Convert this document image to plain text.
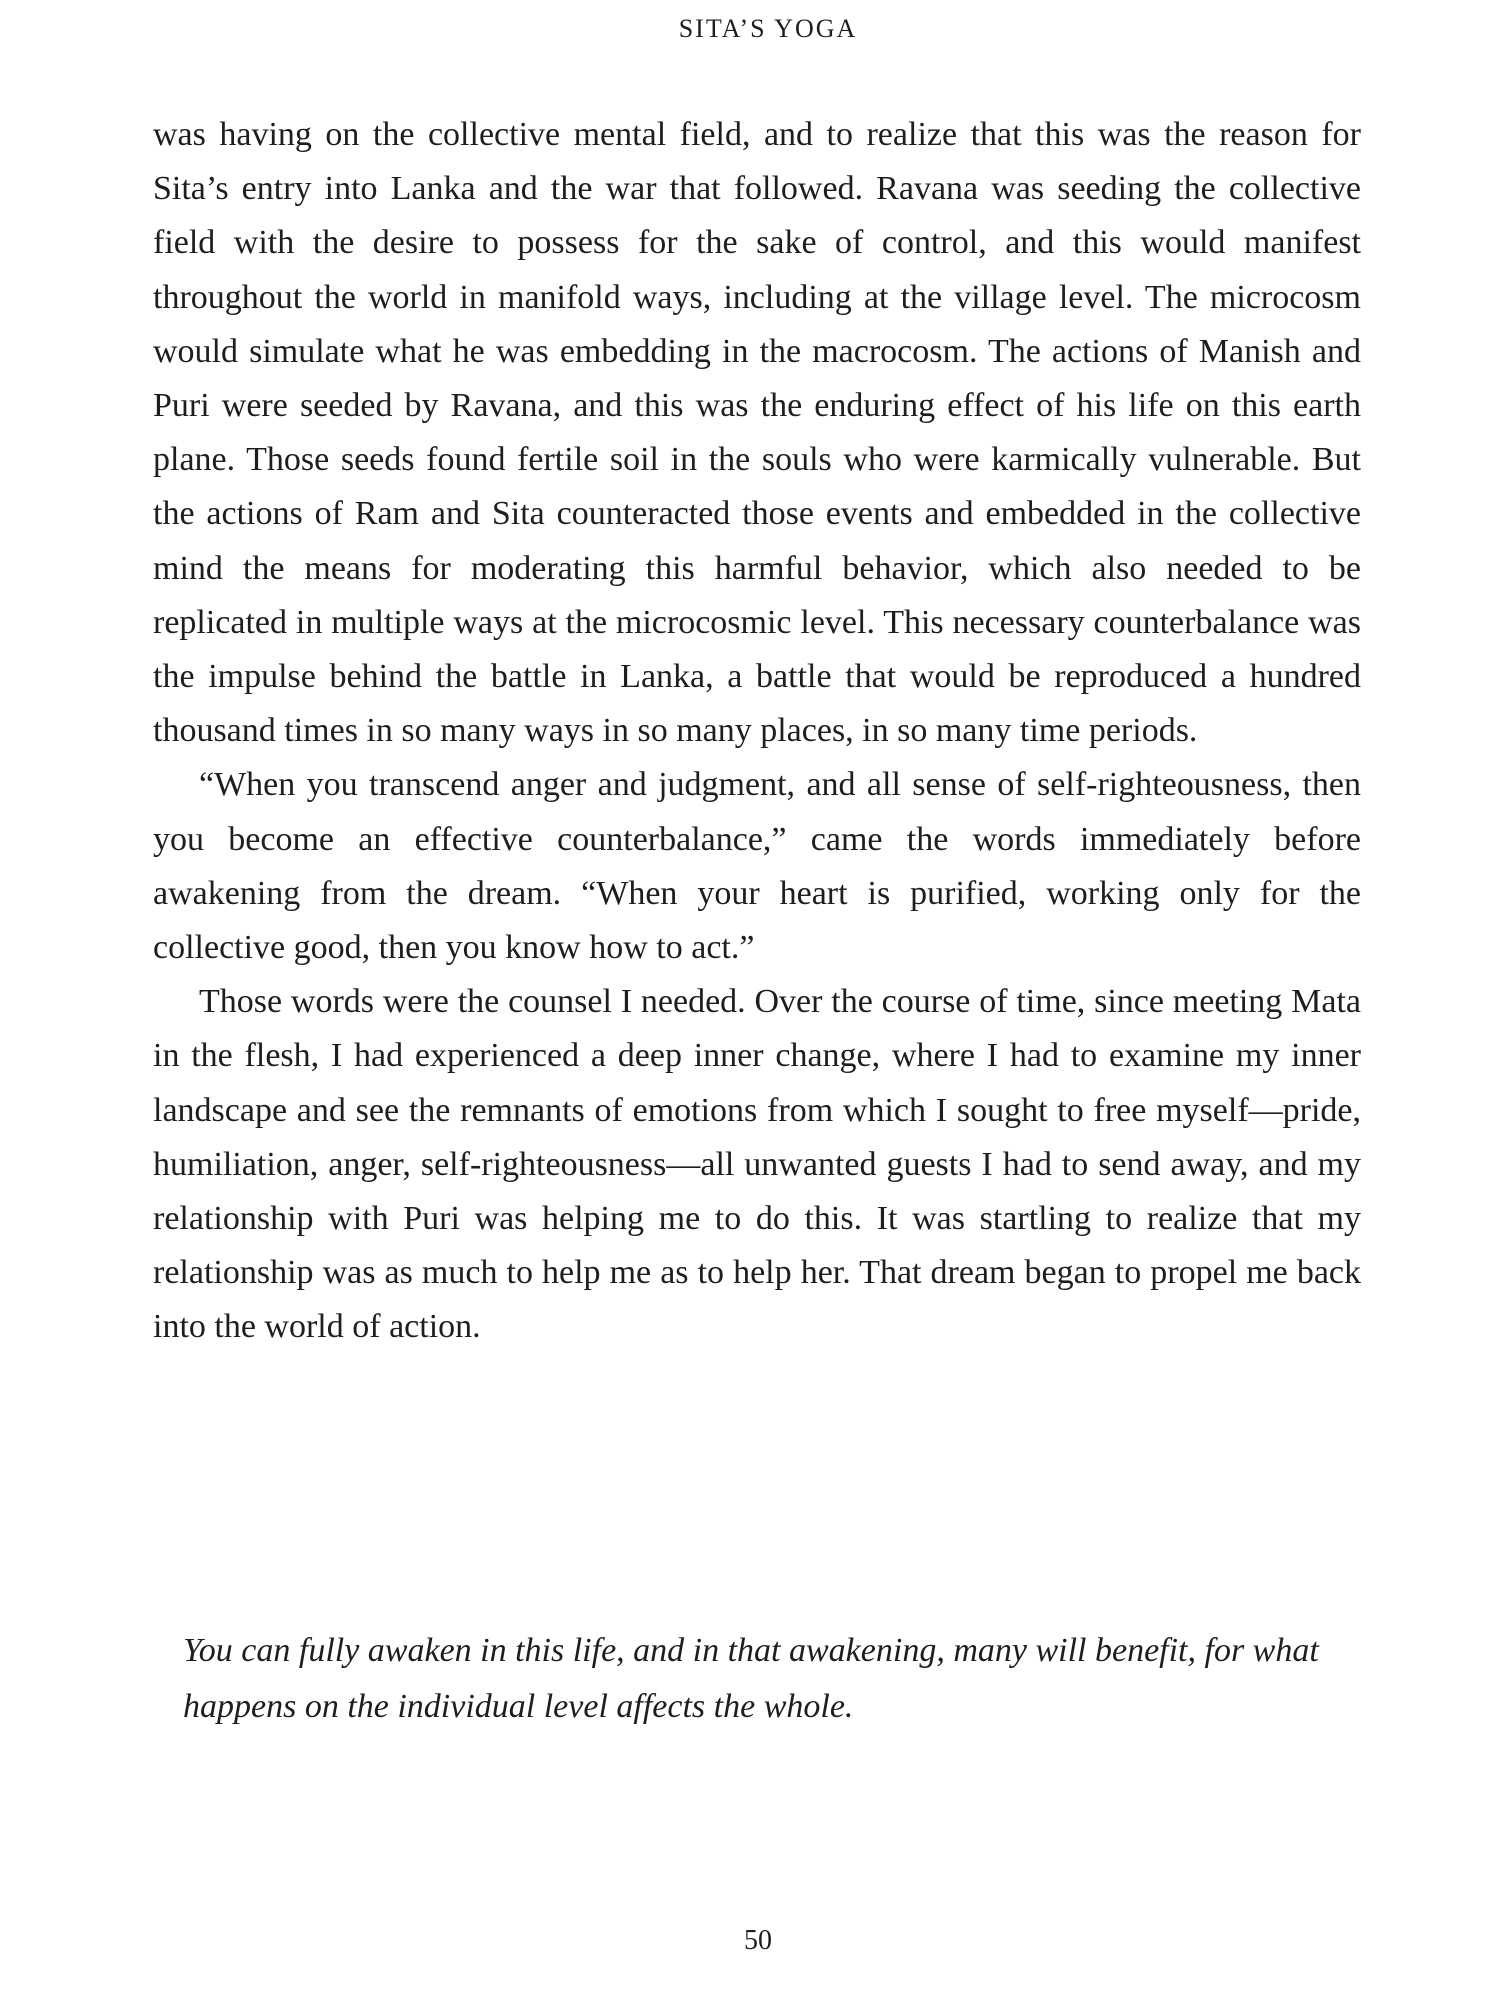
SITA’S YOGA

was having on the collective mental field, and to realize that this was the reason for Sita’s entry into Lanka and the war that followed. Ravana was seeding the collective field with the desire to possess for the sake of control, and this would manifest throughout the world in manifold ways, including at the village level. The microcosm would simulate what he was embedding in the macrocosm. The actions of Manish and Puri were seeded by Ravana, and this was the enduring effect of his life on this earth plane. Those seeds found fertile soil in the souls who were karmically vulnerable. But the actions of Ram and Sita counteracted those events and embedded in the collective mind the means for moderating this harmful behavior, which also needed to be replicated in multiple ways at the microcosmic level. This necessary counterbalance was the impulse behind the battle in Lanka, a battle that would be reproduced a hundred thousand times in so many ways in so many places, in so many time periods.

“When you transcend anger and judgment, and all sense of self-righteousness, then you become an effective counterbalance,” came the words immediately before awakening from the dream. “When your heart is purified, working only for the collective good, then you know how to act.”

Those words were the counsel I needed. Over the course of time, since meeting Mata in the flesh, I had experienced a deep inner change, where I had to examine my inner landscape and see the remnants of emotions from which I sought to free myself—pride, humiliation, anger, self-righteousness—all unwanted guests I had to send away, and my relationship with Puri was helping me to do this. It was startling to realize that my relationship was as much to help me as to help her. That dream began to propel me back into the world of action.

You can fully awaken in this life, and in that awakening, many will benefit, for what happens on the individual level affects the whole.

50
